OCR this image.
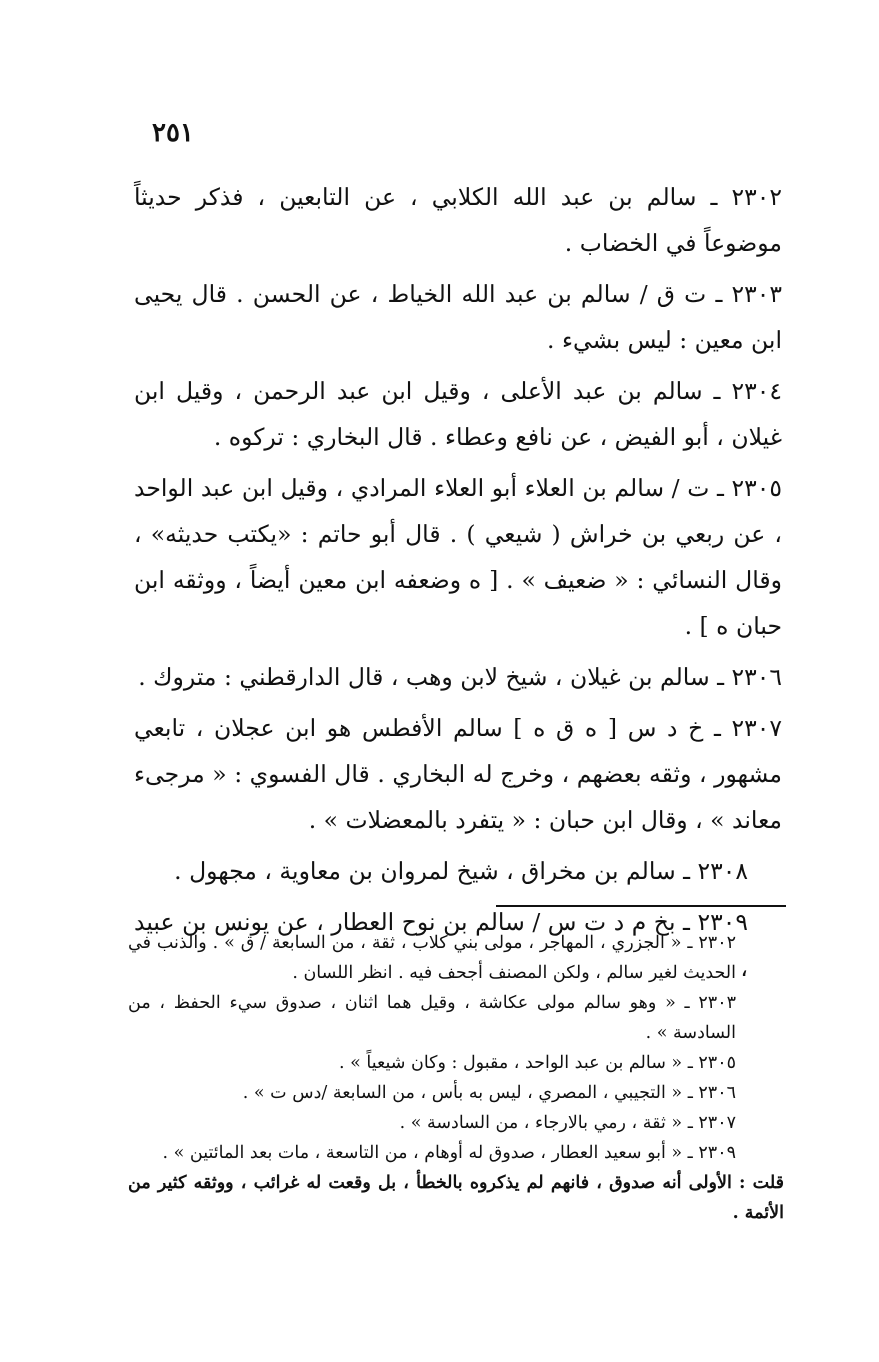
٢٥١

٢٣٠٢ ـ سالم بن عبد الله الكلابي ، عن التابعين ، فذكر حديثاً موضوعاً في الخضاب .

٢٣٠٣ ـ ت ق / سالم بن عبد الله الخياط ، عن الحسن . قال يحيى ابن معين : ليس بشيء .

٢٣٠٤ ـ سالم بن عبد الأعلى ، وقيل ابن عبد الرحمن ، وقيل ابن غيلان ، أبو الفيض ، عن نافع وعطاء . قال البخاري : تركوه .

٢٣٠٥ ـ ت / سالم بن العلاء أبو العلاء المرادي ، وقيل ابن عبد الواحد ، عن ربعي بن خراش ( شيعي ) . قال أبو حاتم : «يكتب حديثه» ، وقال النسائي : « ضعيف » . [ ه وضعفه ابن معين أيضاً ، ووثقه ابن حبان ه ] .

٢٣٠٦ ـ سالم بن غيلان ، شيخ لابن وهب ، قال الدارقطني : متروك .

٢٣٠٧ ـ خ د س [ ه ق ه ] سالم الأفطس هو ابن عجلان ، تابعي مشهور ، وثقه بعضهم ، وخرج له البخاري . قال الفسوي : « مرجىء معاند » ، وقال ابن حبان : « يتفرد بالمعضلات » .

٢٣٠٨ ـ سالم بن مخراق ، شيخ لمروان بن معاوية ، مجهول .

٢٣٠٩ ـ بخ م د ت س / سالم بن نوح العطار ، عن يونس بن عبيد ،

٢٣٠٢ ـ « الجزري ، المهاجر ، مولى بني كلاب ، ثقة ، من السابعة / ق » . والذنب في الحديث لغير سالم ، ولكن المصنف أجحف فيه . انظر اللسان .

٢٣٠٣ ـ « وهو سالم مولى عكاشة ، وقيل هما اثنان ، صدوق سيء الحفظ ، من السادسة » .

٢٣٠٥ ـ « سالم بن عبد الواحد ، مقبول : وكان شيعياً » .

٢٣٠٦ ـ « التجيبي ، المصري ، ليس به بأس ، من السابعة /دس ت » .

٢٣٠٧ ـ « ثقة ، رمي بالارجاء ، من السادسة » .

٢٣٠٩ ـ « أبو سعيد العطار ، صدوق له أوهام ، من التاسعة ، مات بعد المائتين » .

قلت : الأولى أنه صدوق ، فانهم لم يذكروه بالخطأ ، بل وقعت له غرائب ، ووثقه كثير من الأئمة .
